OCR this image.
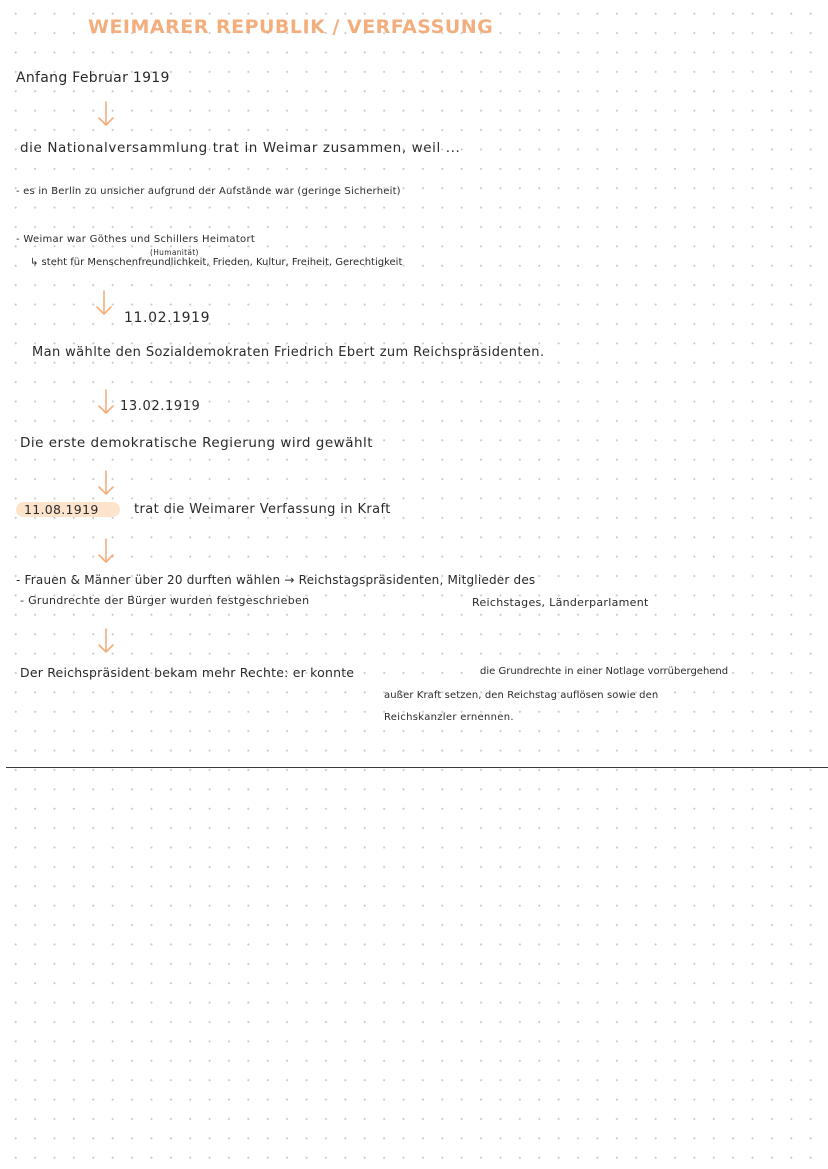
WEIMARER REPUBLIK / VERFASSUNG
Anfang Februar 1919
die Nationalversammlung trat in Weimar zusammen, weil ...
- es in Berlin zu unsicher aufgrund der Aufstände war (geringe Sicherheit)
- Weimar war Göthes und Schillers Heimatort
(Humanität)
↳ steht für Menschenfreundlichkeit, Frieden, Kultur, Freiheit, Gerechtigkeit
11.02.1919
Man wählte den Sozialdemokraten Friedrich Ebert zum Reichspräsidenten.
13.02.1919
Die erste demokratische Regierung wird gewählt
11.08.1919	trat die Weimarer Verfassung in Kraft
- Frauen & Männer über 20 durften wählen → Reichstagspräsidenten, Mitglieder des
- Grundrechte der Bürger wurden festgeschrieben	Reichstages, Länderparlament
Der Reichspräsident bekam mehr Rechte: er konnte	die Grundrechte in einer Notlage vorrübergehend
außer Kraft setzen, den Reichstag auflösen sowie den
Reichskanzler ernennen.
